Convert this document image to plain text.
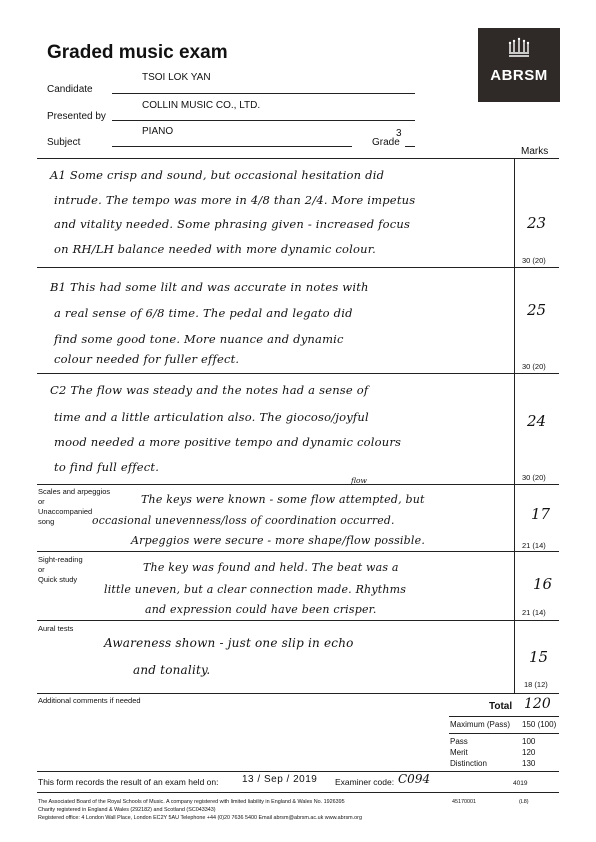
Graded music exam
ABRSM
Candidate
TSOI LOK YAN
Presented by
COLLIN MUSIC CO., LTD.
Subject
PIANO
Grade
3
Marks
A1 Some crisp and sound, but occasional hesitation did
intrude. The tempo was more in 4/8 than 2/4. More impetus
and vitality needed. Some phrasing given - increased focus
on RH/LH balance needed with more dynamic colour.
23
30 (20)
B1 This had some lilt and was accurate in notes with
a real sense of 6/8 time. The pedal and legato did
find some good tone. More nuance and dynamic
colour needed for fuller effect.
25
30 (20)
C2 The flow was steady and the notes had a sense of
time and a little articulation also. The giocoso/joyful
mood needed a more positive tempo and dynamic colours
to find full effect.
24
30 (20)
Scales and arpeggios
or
Unaccompanied
song
flow
The keys were known - some flow attempted, but
occasional unevenness/loss of coordination occurred.
Arpeggios were secure - more shape/flow possible.
17
21 (14)
Sight-reading
or
Quick study
The key was found and held. The beat was a
little uneven, but a clear connection made. Rhythms
and expression could have been crisper.
16
21 (14)
Aural tests
Awareness shown - just one slip in echo
and tonality.
15
18 (12)
Additional comments if needed
Total 120
Maximum (Pass) 150 (100)
Pass	100
Merit	120
Distinction	130
This form records the result of an exam held on: 13 / Sep / 2019 Examiner code: C094	4019
The Associated Board of the Royal Schools of Music. A company registered with limited liability in England & Wales No. 1926395
Charity registered in England & Wales (292182) and Scotland (SC043343)
Registered office: 4 London Wall Place, London EC2Y 5AU Telephone +44 (0)20 7636 5400 Email abrsm@abrsm.ac.uk www.abrsm.org
45170001	(L8)
